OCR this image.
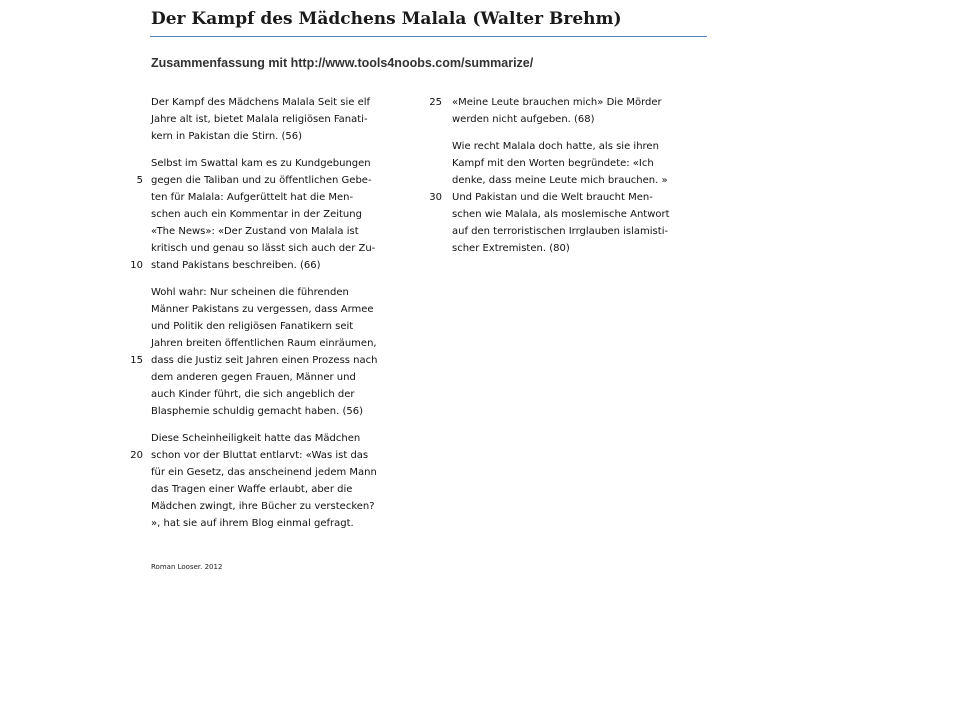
Der Kampf des Mädchens Malala (Walter Brehm)
Zusammenfassung mit http://www.tools4noobs.com/summarize/
Der Kampf des Mädchens Malala Seit sie elf
Jahre alt ist, bietet Malala religiösen Fanati-
kern in Pakistan die Stirn. (56)
Selbst im Swattal kam es zu Kundgebungen
gegen die Taliban und zu öffentlichen Gebe-
5
ten für Malala: Aufgerüttelt hat die Men-
schen auch ein Kommentar in der Zeitung
«The News»: «Der Zustand von Malala ist
kritisch und genau so lässt sich auch der Zu-
stand Pakistans beschreiben. (66)
10
Wohl wahr: Nur scheinen die führenden
Männer Pakistans zu vergessen, dass Armee
und Politik den religiösen Fanatikern seit
Jahren breiten öffentlichen Raum einräumen,
dass die Justiz seit Jahren einen Prozess nach
15
dem anderen gegen Frauen, Männer und
auch Kinder führt, die sich angeblich der
Blasphemie schuldig gemacht haben. (56)
Diese Scheinheiligkeit hatte das Mädchen
schon vor der Bluttat entlarvt: «Was ist das
20
für ein Gesetz, das anscheinend jedem Mann
das Tragen einer Waffe erlaubt, aber die
Mädchen zwingt, ihre Bücher zu verstecken?
», hat sie auf ihrem Blog einmal gefragt.
«Meine Leute brauchen mich» Die Mörder
25
werden nicht aufgeben. (68)
Wie recht Malala doch hatte, als sie ihren
Kampf mit den Worten begründete: «Ich
denke, dass meine Leute mich brauchen. »
Und Pakistan und die Welt braucht Men-
30
schen wie Malala, als moslemische Antwort
auf den terroristischen Irrglauben islamisti-
scher Extremisten. (80)

Roman Looser. 2012
